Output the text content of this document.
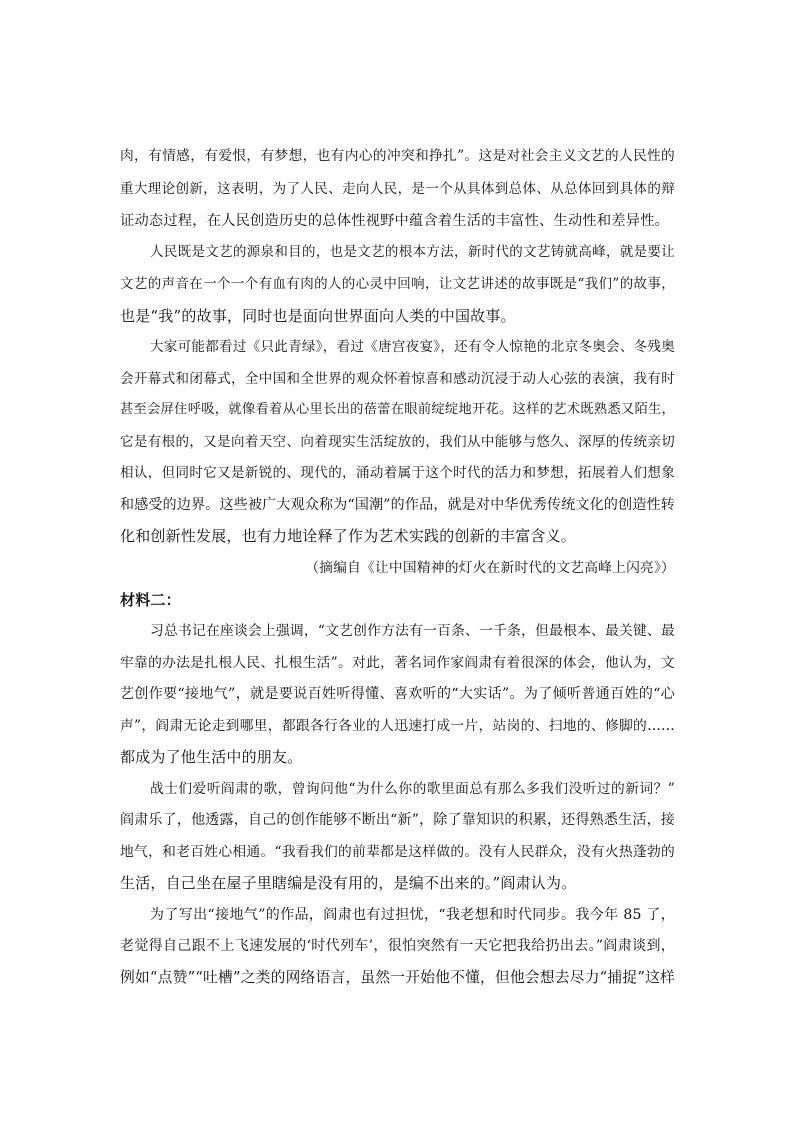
肉，有情感，有爱恨，有梦想，也有内心的冲突和挣扎”。这是对社会主义文艺的人民性的
重大理论创新，这表明，为了人民、走向人民，是一个从具体到总体、从总体回到具体的辩
证动态过程，在人民创造历史的总体性视野中蕴含着生活的丰富性、生动性和差异性。
人民既是文艺的源泉和目的，也是文艺的根本方法，新时代的文艺铸就高峰，就是要让
文艺的声音在一个一个有血有肉的人的心灵中回响，让文艺讲述的故事既是“我们”的故事，
也是“我”的故事，同时也是面向世界面向人类的中国故事。
大家可能都看过《只此青绿》，看过《唐宫夜宴》，还有令人惊艳的北京冬奥会、冬残奥
会开幕式和闭幕式，全中国和全世界的观众怀着惊喜和感动沉浸于动人心弦的表演，我有时
甚至会屏住呼吸，就像看着从心里长出的蓓蕾在眼前绽绽地开花。这样的艺术既熟悉又陌生，
它是有根的，又是向着天空、向着现实生活绽放的，我们从中能够与悠久、深厚的传统亲切
相认，但同时它又是新锐的、现代的，涌动着属于这个时代的活力和梦想，拓展着人们想象
和感受的边界。这些被广大观众称为“国潮”的作品，就是对中华优秀传统文化的创造性转
化和创新性发展，也有力地诠释了作为艺术实践的创新的丰富含义。
（摘编自《让中国精神的灯火在新时代的文艺高峰上闪亮》）
材料二：
习总书记在座谈会上强调，“文艺创作方法有一百条、一千条，但最根本、最关键、最
牢靠的办法是扎根人民、扎根生活”。对此，著名词作家阎肃有着很深的体会，他认为，文
艺创作要“接地气”，就是要说百姓听得懂、喜欢听的“大实话”。为了倾听普通百姓的“心
声”，阎肃无论走到哪里，都跟各行各业的人迅速打成一片，站岗的、扫地的、修脚的……
都成为了他生活中的朋友。
战士们爱听阎肃的歌，曾询问他“为什么你的歌里面总有那么多我们没听过的新词？”
阎肃乐了，他透露，自己的创作能够不断出“新”，除了靠知识的积累，还得熟悉生活，接
地气，和老百姓心相通。“我看我们的前辈都是这样做的。没有人民群众，没有火热蓬勃的
生活，自己坐在屋子里瞎编是没有用的，是编不出来的。”阎肃认为。
为了写出“接地气”的作品，阎肃也有过担忧，“我老想和时代同步。我今年 85 了，
老觉得自己跟不上飞速发展的‘时代列车’，很怕突然有一天它把我给扔出去。”阎肃谈到，
例如“点赞”“吐槽”之类的网络语言，虽然一开始他不懂，但他会想去尽力“捕捉”这样
